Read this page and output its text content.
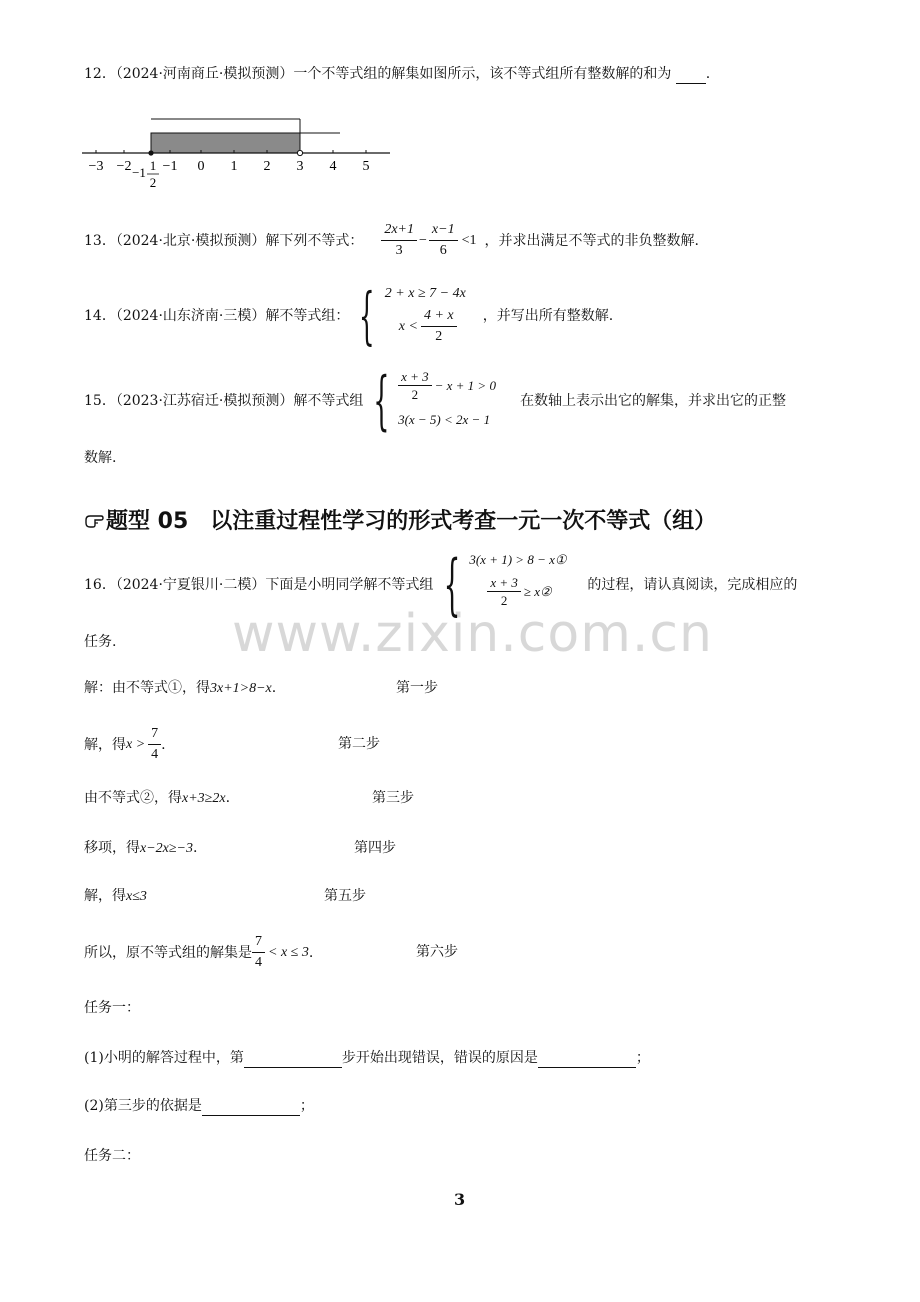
www.zixin.com.cn
12．（2024·河南商丘·模拟预测）一个不等式组的解集如图所示，该不等式组所有整数解的和为 .
−3 −2 −1 1
2
−1 0 1 2 3 4 5
13．（2024·北京·模拟预测）解下列不等式： $\frac{2x+1}{3} - \frac{x-1}{6} <1$ ，并求出满足不等式的非负整数解.
14．（2024·山东济南·三模）解不等式组： { 2 + x ≥ 7 − 4x
$x < \frac{4 + x}{2}$ ，并写出所有整数解.
15．（2023·江苏宿迁·模拟预测）解不等式组 { $\frac{x + 3}{2} - x + 1 > 0$
3(x − 5) < 2x − 1
在数轴上表示出它的解集，并求出它的正整
数解.
题型 05　以注重过程性学习的形式考查一元一次不等式（组）
16．（2024·宁夏银川·二模）下面是小明同学解不等式组 { 3(x + 1) > 8 − x①
$\frac{x + 3}{2}$ ≥ x②	的过程，请认真阅读，完成相应的
任务.
解：由不等式①，得3x+1>8−x.	第一步
解，得 $x > \frac{7}{4}$ .	第二步
由不等式②，得x+3≥2x.	第三步
移项，得x−2x≥−3.	第四步
解，得x≤3	第五步
所以，原不等式组的解集是 $\frac{7}{4} < x \le 3$ .	第六步
任务一：
(1)小明的解答过程中，第	步开始出现错误，错误的原因是	；
(2)第三步的依据是	；
任务二：
3
